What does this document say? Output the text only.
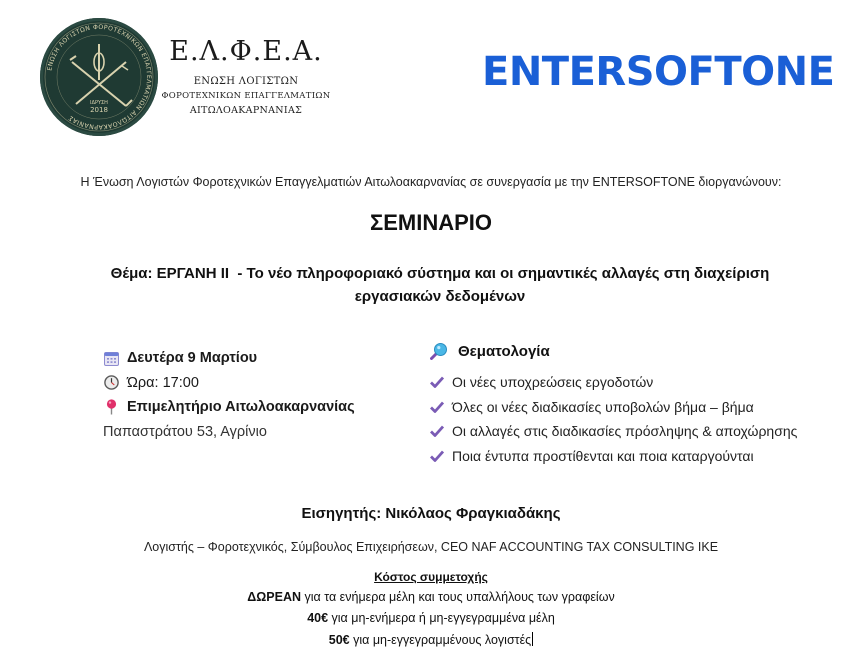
ΙΔΡΥΣΗ
2018
ΕΝΩΣΗ ΛΟΓΙΣΤΩΝ ΦΟΡΟΤΕΧΝΙΚΩΝ ΕΠΑΓΓΕΛΜΑΤΙΩΝ ΑΙΤΩΛΟΑΚΑΡΝΑΝΙΑΣ
Ε.Λ.Φ.Ε.Α.
ΕΝΩΣΗ ΛΟΓΙΣΤΩΝ
ΦΟΡΟΤΕΧΝΙΚΩΝ ΕΠΑΓΓΕΛΜΑΤΙΩΝ
ΑΙΤΩΛΟΑΚΑΡΝΑΝΙΑΣ
ENTERSOFTONE
Η Ένωση Λογιστών Φοροτεχνικών Επαγγελματιών Αιτωλοακαρνανίας σε συνεργασία με την ENTERSOFTONE διοργανώνουν:
ΣΕΜΙΝΑΡΙΟ
Θέμα: ΕΡΓΑΝΗ ΙΙ  - Το νέο πληροφοριακό σύστημα και οι σημαντικές αλλαγές στη διαχείριση
εργασιακών δεδομένων
Δευτέρα 9 Μαρτίου
Ώρα: 17:00
Επιμελητήριο Αιτωλοακαρνανίας
Παπαστράτου 53, Αγρίνιο
Θεματολογία
Οι νέες υποχρεώσεις εργοδοτών
Όλες οι νέες διαδικασίες υποβολών βήμα – βήμα
Οι αλλαγές στις διαδικασίες πρόσληψης & αποχώρησης
Ποια έντυπα προστίθενται και ποια καταργούνται
Εισηγητής: Νικόλαος Φραγκιαδάκης
Λογιστής – Φοροτεχνικός, Σύμβουλος Επιχειρήσεων, CEO NAF ACCOUNTING TAX CONSULTING IKE
Κόστος συμμετοχής
ΔΩΡΕΑΝ για τα ενήμερα μέλη και τους υπαλλήλους των γραφείων
40€ για μη-ενήμερα ή μη-εγγεγραμμένα μέλη
50€ για μη-εγγεγραμμένους λογιστές
